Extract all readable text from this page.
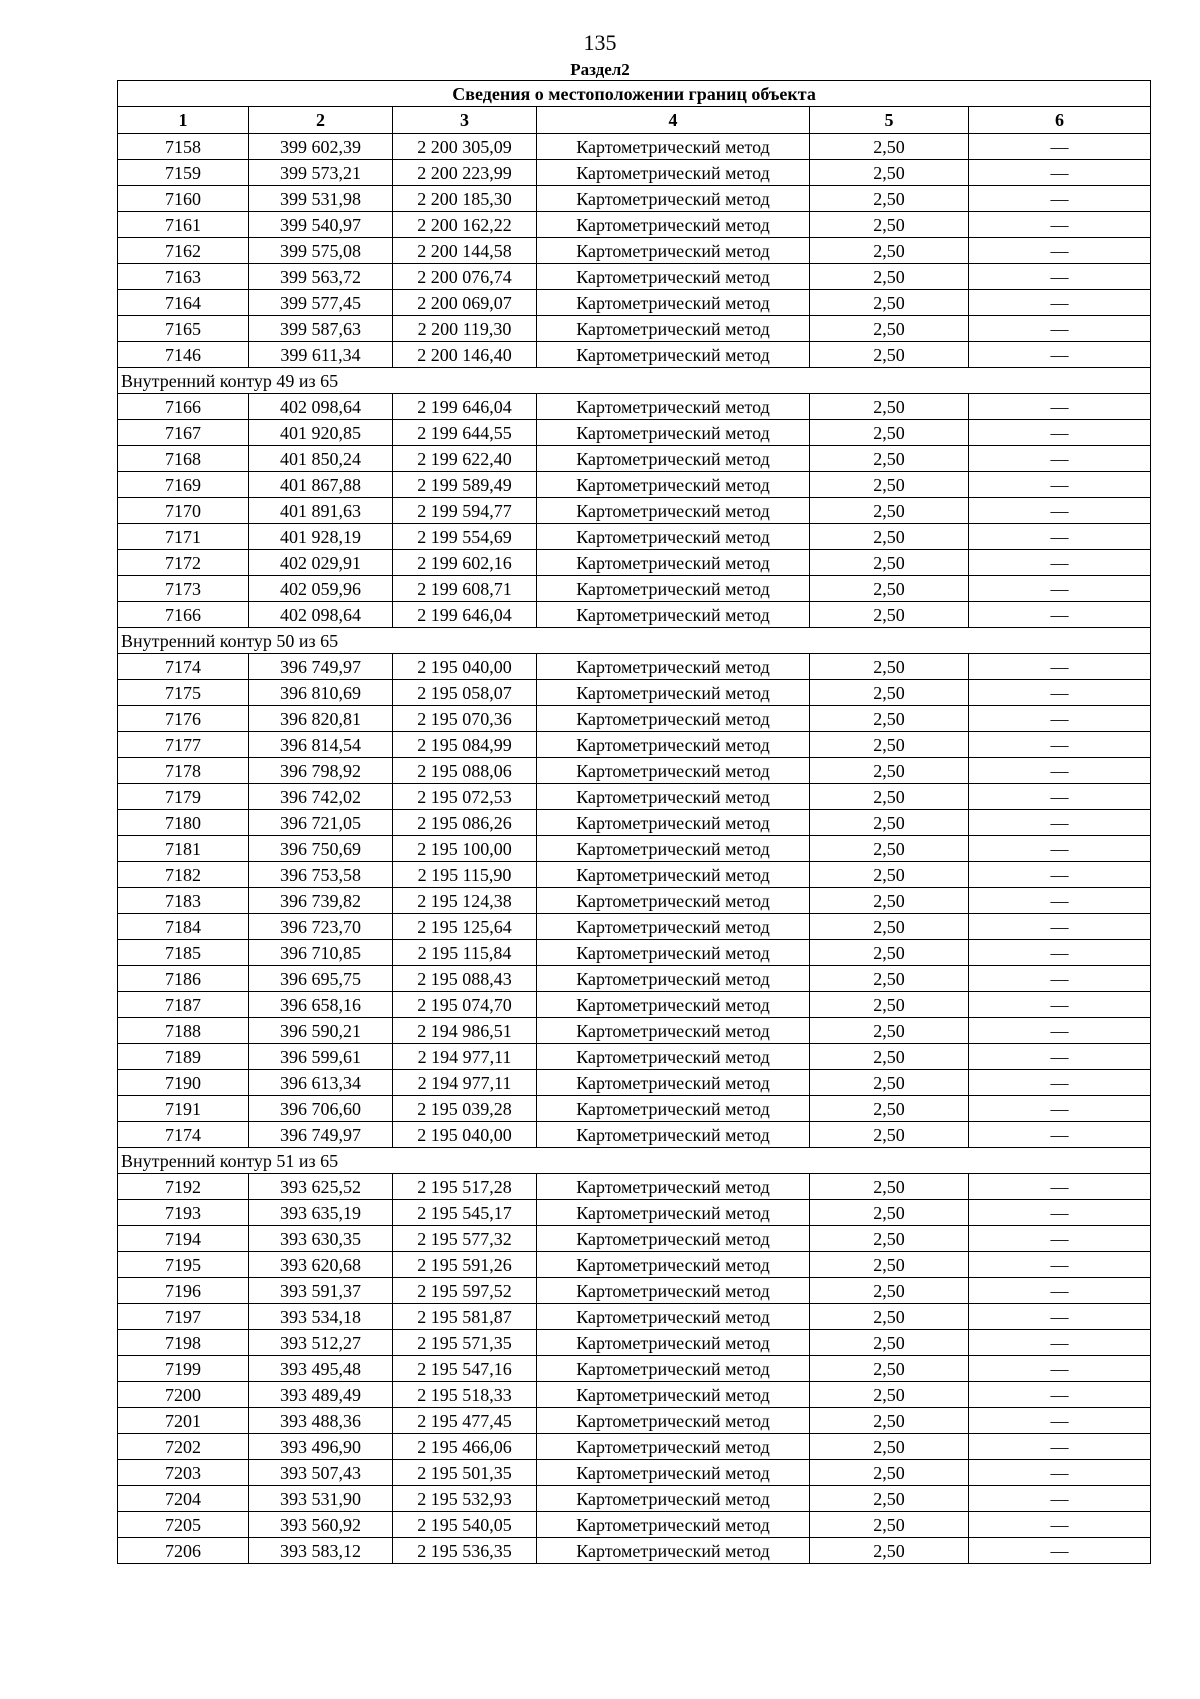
135
Раздел2
Сведения о местоположении границ объекта					
1	2	3	4	5	6
7158	399 602,39	2 200 305,09	Картометрический метод	2,50	—
7159	399 573,21	2 200 223,99	Картометрический метод	2,50	—
7160	399 531,98	2 200 185,30	Картометрический метод	2,50	—
7161	399 540,97	2 200 162,22	Картометрический метод	2,50	—
7162	399 575,08	2 200 144,58	Картометрический метод	2,50	—
7163	399 563,72	2 200 076,74	Картометрический метод	2,50	—
7164	399 577,45	2 200 069,07	Картометрический метод	2,50	—
7165	399 587,63	2 200 119,30	Картометрический метод	2,50	—
7146	399 611,34	2 200 146,40	Картометрический метод	2,50	—
Внутренний контур 49 из 65					
7166	402 098,64	2 199 646,04	Картометрический метод	2,50	—
7167	401 920,85	2 199 644,55	Картометрический метод	2,50	—
7168	401 850,24	2 199 622,40	Картометрический метод	2,50	—
7169	401 867,88	2 199 589,49	Картометрический метод	2,50	—
7170	401 891,63	2 199 594,77	Картометрический метод	2,50	—
7171	401 928,19	2 199 554,69	Картометрический метод	2,50	—
7172	402 029,91	2 199 602,16	Картометрический метод	2,50	—
7173	402 059,96	2 199 608,71	Картометрический метод	2,50	—
7166	402 098,64	2 199 646,04	Картометрический метод	2,50	—
Внутренний контур 50 из 65					
7174	396 749,97	2 195 040,00	Картометрический метод	2,50	—
7175	396 810,69	2 195 058,07	Картометрический метод	2,50	—
7176	396 820,81	2 195 070,36	Картометрический метод	2,50	—
7177	396 814,54	2 195 084,99	Картометрический метод	2,50	—
7178	396 798,92	2 195 088,06	Картометрический метод	2,50	—
7179	396 742,02	2 195 072,53	Картометрический метод	2,50	—
7180	396 721,05	2 195 086,26	Картометрический метод	2,50	—
7181	396 750,69	2 195 100,00	Картометрический метод	2,50	—
7182	396 753,58	2 195 115,90	Картометрический метод	2,50	—
7183	396 739,82	2 195 124,38	Картометрический метод	2,50	—
7184	396 723,70	2 195 125,64	Картометрический метод	2,50	—
7185	396 710,85	2 195 115,84	Картометрический метод	2,50	—
7186	396 695,75	2 195 088,43	Картометрический метод	2,50	—
7187	396 658,16	2 195 074,70	Картометрический метод	2,50	—
7188	396 590,21	2 194 986,51	Картометрический метод	2,50	—
7189	396 599,61	2 194 977,11	Картометрический метод	2,50	—
7190	396 613,34	2 194 977,11	Картометрический метод	2,50	—
7191	396 706,60	2 195 039,28	Картометрический метод	2,50	—
7174	396 749,97	2 195 040,00	Картометрический метод	2,50	—
Внутренний контур 51 из 65					
7192	393 625,52	2 195 517,28	Картометрический метод	2,50	—
7193	393 635,19	2 195 545,17	Картометрический метод	2,50	—
7194	393 630,35	2 195 577,32	Картометрический метод	2,50	—
7195	393 620,68	2 195 591,26	Картометрический метод	2,50	—
7196	393 591,37	2 195 597,52	Картометрический метод	2,50	—
7197	393 534,18	2 195 581,87	Картометрический метод	2,50	—
7198	393 512,27	2 195 571,35	Картометрический метод	2,50	—
7199	393 495,48	2 195 547,16	Картометрический метод	2,50	—
7200	393 489,49	2 195 518,33	Картометрический метод	2,50	—
7201	393 488,36	2 195 477,45	Картометрический метод	2,50	—
7202	393 496,90	2 195 466,06	Картометрический метод	2,50	—
7203	393 507,43	2 195 501,35	Картометрический метод	2,50	—
7204	393 531,90	2 195 532,93	Картометрический метод	2,50	—
7205	393 560,92	2 195 540,05	Картометрический метод	2,50	—
7206	393 583,12	2 195 536,35	Картометрический метод	2,50	—
